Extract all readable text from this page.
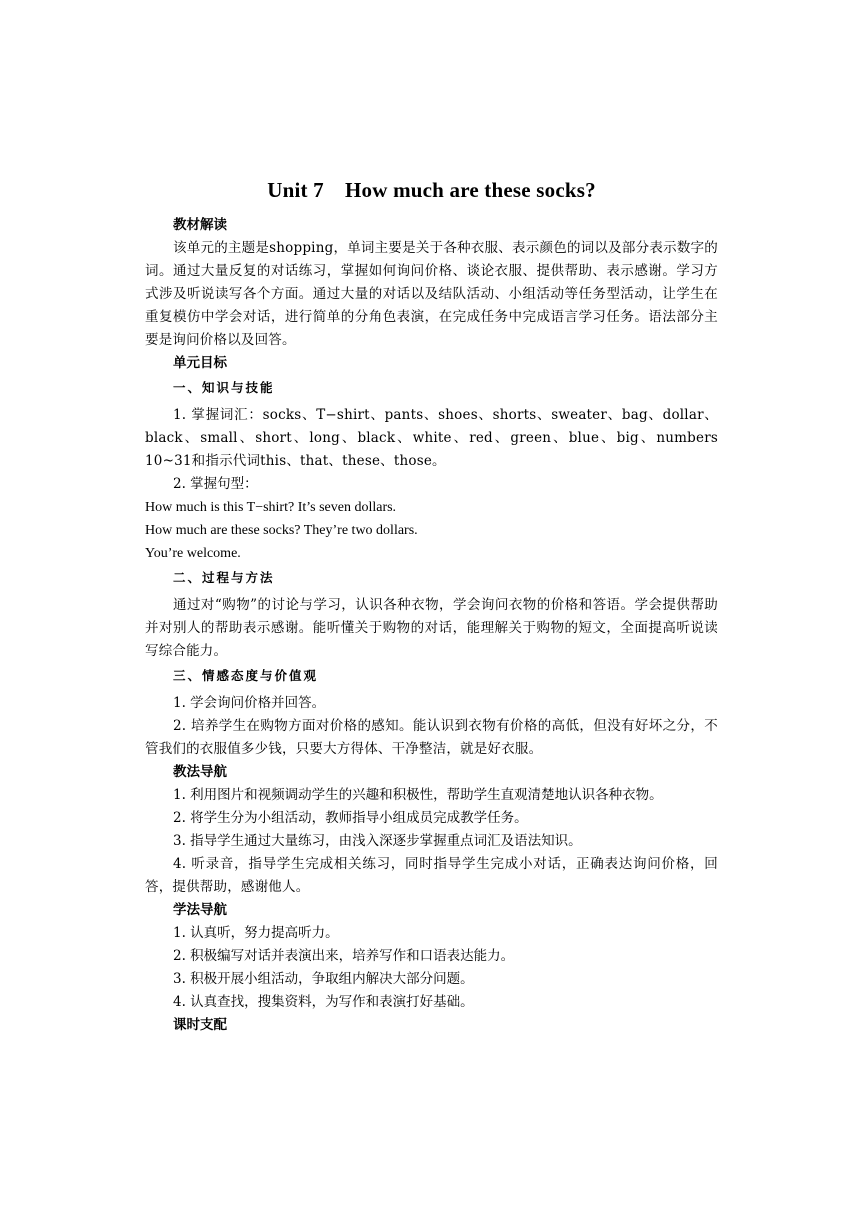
Unit 7　How much are these socks?
教材解读

该单元的主题是shopping，单词主要是关于各种衣服、表示颜色的词以及部分表示数字的词。通过大量反复的对话练习，掌握如何询问价格、谈论衣服、提供帮助、表示感谢。学习方式涉及听说读写各个方面。通过大量的对话以及结队活动、小组活动等任务型活动，让学生在重复模仿中学会对话，进行简单的分角色表演，在完成任务中完成语言学习任务。语法部分主要是询问价格以及回答。

单元目标
一、知识与技能

1. 掌握词汇：socks、T−shirt、pants、shoes、shorts、sweater、bag、dollar、black、small、short、long、black、white、red、green、blue、big、numbers 10~31和指示代词this、that、these、those。

2. 掌握句型：

How much is this T−shirt? It’s seven dollars.

How much are these socks? They’re two dollars.

You’re welcome.

二、过程与方法

通过对“购物”的讨论与学习，认识各种衣物，学会询问衣物的价格和答语。学会提供帮助并对别人的帮助表示感谢。能听懂关于购物的对话，能理解关于购物的短文，全面提高听说读写综合能力。

三、情感态度与价值观

1. 学会询问价格并回答。

2. 培养学生在购物方面对价格的感知。能认识到衣物有价格的高低，但没有好坏之分，不管我们的衣服值多少钱，只要大方得体、干净整洁，就是好衣服。

教法导航

1. 利用图片和视频调动学生的兴趣和积极性，帮助学生直观清楚地认识各种衣物。

2. 将学生分为小组活动，教师指导小组成员完成教学任务。

3. 指导学生通过大量练习，由浅入深逐步掌握重点词汇及语法知识。

4. 听录音，指导学生完成相关练习，同时指导学生完成小对话，正确表达询问价格，回答，提供帮助，感谢他人。

学法导航

1. 认真听，努力提高听力。

2. 积极编写对话并表演出来，培养写作和口语表达能力。

3. 积极开展小组活动，争取组内解决大部分问题。

4. 认真查找，搜集资料，为写作和表演打好基础。

课时支配
